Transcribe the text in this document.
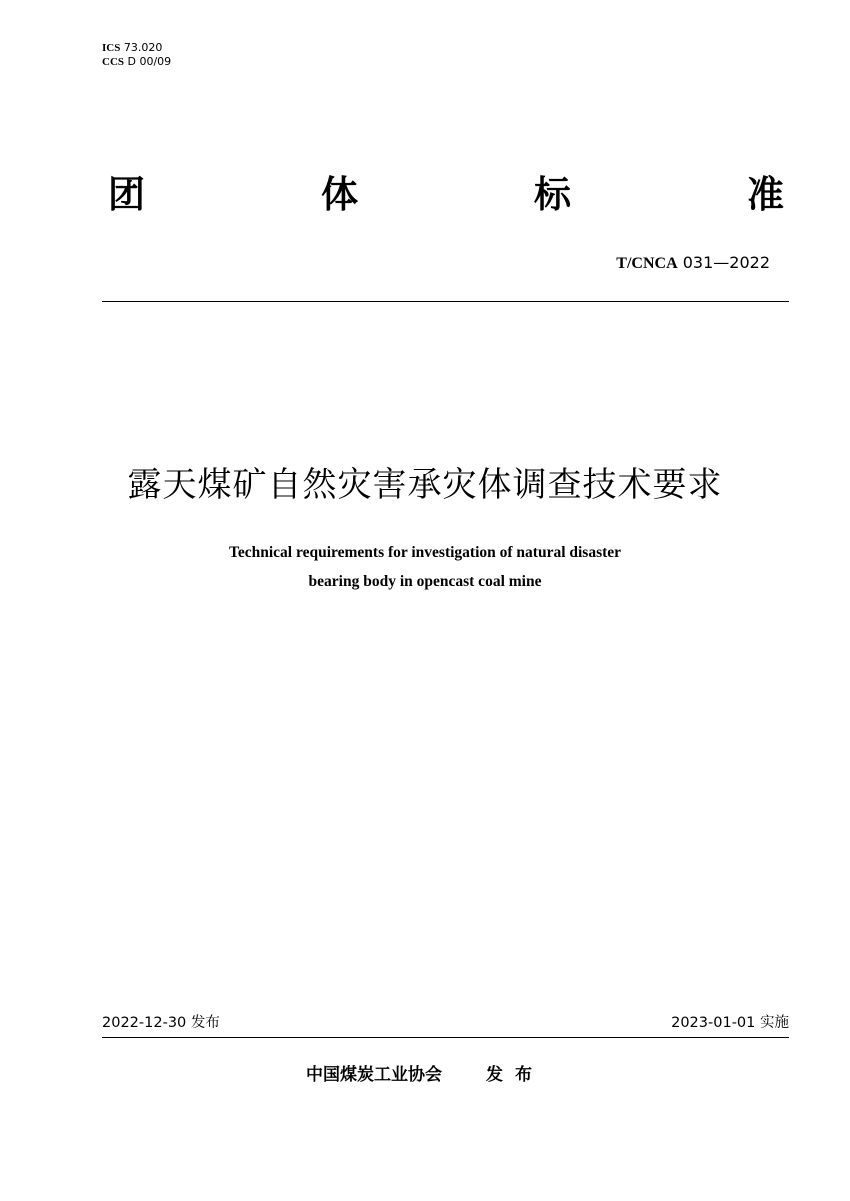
ICS 73.020
CCS D 00/09
团	体	标	准
T/CNCA 031—2022
露天煤矿自然灾害承灾体调查技术要求
Technical requirements for investigation of natural disaster
bearing body in opencast coal mine
2022-12-30 发布	2023-01-01 实施
中国煤炭工业协会	发布
